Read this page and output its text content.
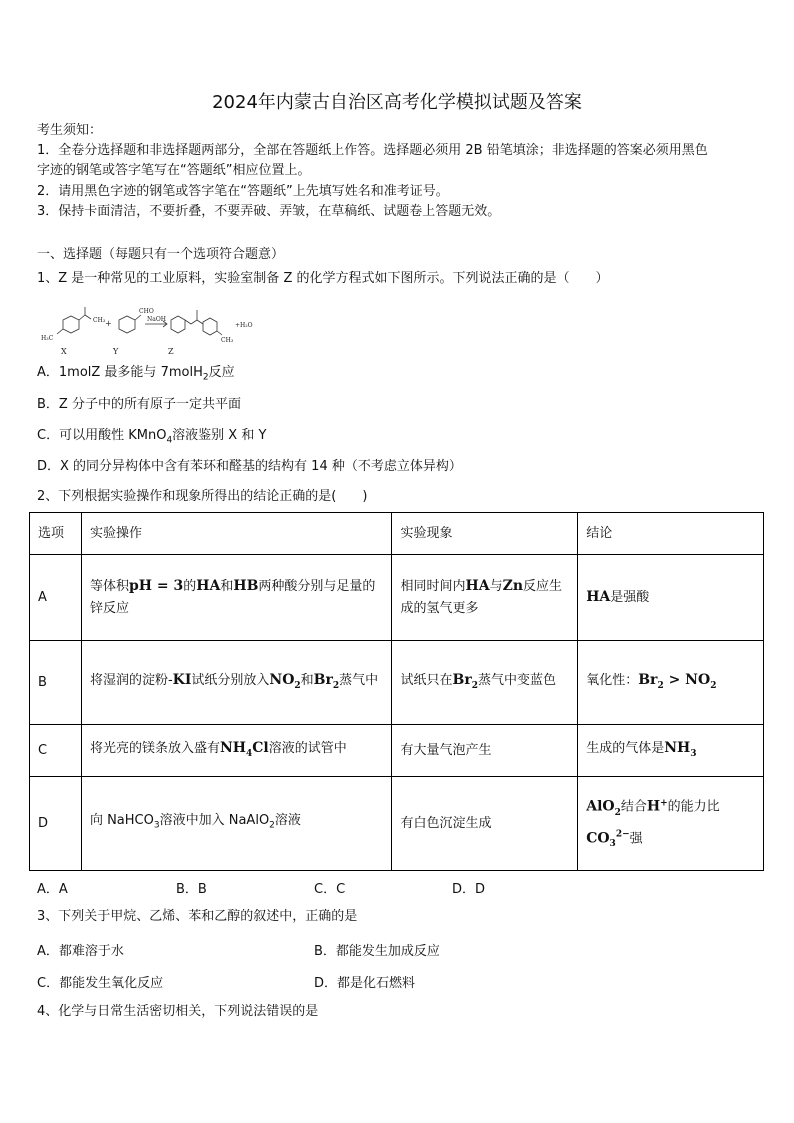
2024年内蒙古自治区高考化学模拟试题及答案
考生须知：
1．全卷分选择题和非选择题两部分，全部在答题纸上作答。选择题必须用 2B 铅笔填涂；非选择题的答案必须用黑色
字迹的钢笔或答字笔写在“答题纸”相应位置上。
2．请用黑色字迹的钢笔或答字笔在“答题纸”上先填写姓名和准考证号。
3．保持卡面清洁，不要折叠，不要弄破、弄皱，在草稿纸、试题卷上答题无效。
一、选择题（每题只有一个选项符合题意）
1、Z 是一种常见的工业原料，实验室制备 Z 的化学方程式如下图所示。下列说法正确的是（　　）
H₃C
CH₃ +
CHO
NaOH
CH₃
+H₂O
X	Y	Z
A．1molZ 最多能与 7molH$_2$反应
B．Z 分子中的所有原子一定共平面
C．可以用酸性 KMnO$_4$溶液鉴别 X 和 Y
D．X 的同分异构体中含有苯环和醛基的结构有 14 种（不考虑立体异构）
2、下列根据实验操作和现象所得出的结论正确的是(　　)
选项	实验操作	实验现象	结论
A	等体积pH = 3的HA和HB两种酸分别与足量的锌反应	相同时间内HA与Zn反应生成的氢气更多	HA是强酸
B	将湿润的淀粉-KI试纸分别放入$NO_2$和$Br_2$蒸气中	试纸只在$Br_2$蒸气中变蓝色	氧化性：$Br_2 > NO_2$
C	将光亮的镁条放入盛有$NH_4Cl$溶液的试管中	有大量气泡产生	生成的气体是$NH_3$
D	向 NaHCO$_3$溶液中加入 NaAlO$_2$溶液	有白色沉淀生成	AlO$_2$结合H+的能力比
$CO_3^{2-}$强
A．A	B．B	C．C	D．D
3、下列关于甲烷、乙烯、苯和乙醇的叙述中，正确的是
A．都难溶于水	B．都能发生加成反应
C．都能发生氧化反应	D．都是化石燃料
4、化学与日常生活密切相关，下列说法错误的是
